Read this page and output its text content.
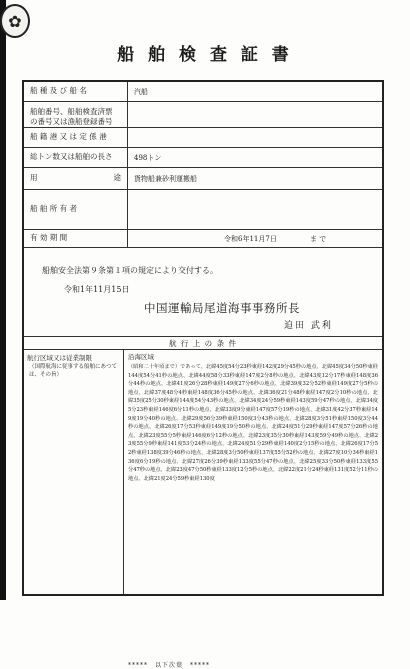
✿
船 舶 検 査 証 書
船 種 及 び 船 名	汽船
船舶番号、船舶検査済票
の番号又は漁船登録番号
船 籍 港 又 は 定 係 港
総トン数又は船舶の長さ	498トン
用	途 貨物船兼砂利運搬船
船 舶 所 有 者
有 効 期 間	令和6年11月7日	ま で
船舶安全法第９条第１項の規定により交付する。
令和1年11月15日
中国運輸局尾道海事事務所長
迫田 武利
航 行 上 の 条 件
航行区域又は従業制限
（国際航海に従事する船舶にあつては、その旨）
沿海区域
（昭和二十年頃まで）であって、北緯45度54分23秒東経142度29分45秒の地点、北緯45度34分50秒東経144度54分41秒の地点、北緯44度58分33秒東経147度2分8秒の地点、北緯43度12分17秒東経148度36分44秒の地点、北緯41度26分28秒東経149度27分6秒の地点、北緯39度32分52秒東経149度27分5秒の地点、北緯37度48分4秒東経148度36分45秒の地点、北緯36度21分48秒東経147度2分10秒の地点、北緯35度25分30秒東経144度54分43秒の地点、北緯34度24分59秒東経143度59分47秒の地点、北緯34度5分23秒東経146度6分11秒の地点、北緯33度9分東経147度57分19秒の地点、北緯31度42分37秒東経149度19分40秒の地点、北緯29度56分39秒東経150度3分43秒の地点、北緯28度3分51秒東経150度3分44秒の地点、北緯26度17分53秒東経149度19分50秒の地点、北緯24度51分29秒東経147度57分26秒の地点、北緯23度55分5秒東経146度6分12秒の地点、北緯23度35分30秒東経143度59分49秒の地点、北緯23度55分9秒東経141度53分24秒の地点、北緯24度51分29秒東経140度2分15秒の地点、北緯26度17分52秒東経138度39分46秒の地点、北緯28度3分50秒東経137度55分52秒の地点、北緯27度10分34秒東経136度6分19秒の地点、北緯27度26分39秒東経133度55分47秒の地点、北緯25度33分50秒東経133度55分47秒の地点、北緯23度47分50秒東経133度12分5秒の地点、北緯22度21分24秒東経131度52分11秒の地点、北緯21度24分59秒東経130度
*****　以下次葉　*****
